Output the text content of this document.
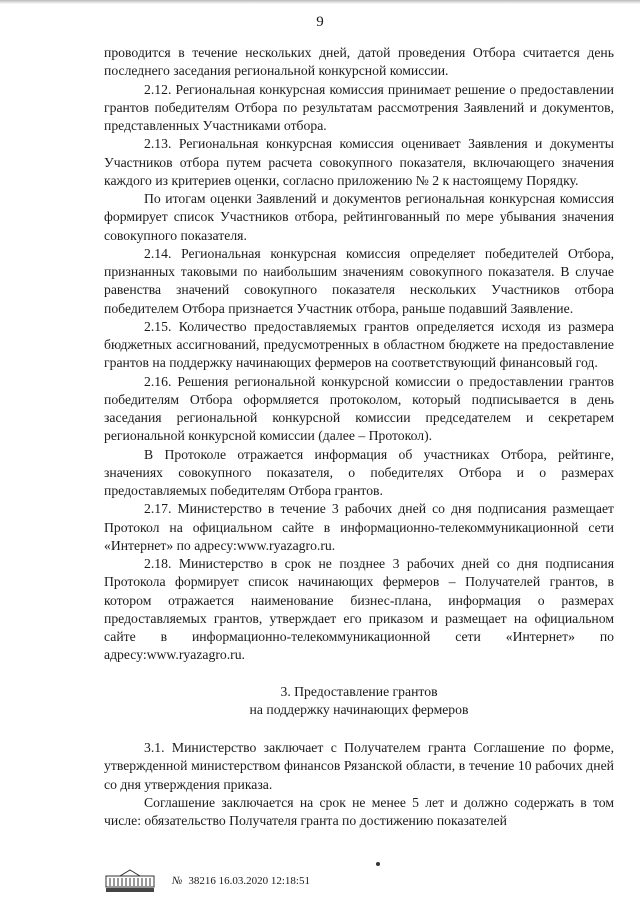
9

проводится в течение нескольких дней, датой проведения Отбора считается день последнего заседания региональной конкурсной комиссии.

2.12. Региональная конкурсная комиссия принимает решение о предоставлении грантов победителям Отбора по результатам рассмотрения Заявлений и документов, представленных Участниками отбора.

2.13. Региональная конкурсная комиссия оценивает Заявления и документы Участников отбора путем расчета совокупного показателя, включающего значения каждого из критериев оценки, согласно приложению № 2 к настоящему Порядку.

По итогам оценки Заявлений и документов региональная конкурсная комиссия формирует список Участников отбора, рейтингованный по мере убывания значения совокупного показателя.

2.14. Региональная конкурсная комиссия определяет победителей Отбора, признанных таковыми по наибольшим значениям совокупного показателя. В случае равенства значений совокупного показателя нескольких Участников отбора победителем Отбора признается Участник отбора, раньше подавший Заявление.

2.15. Количество предоставляемых грантов определяется исходя из размера бюджетных ассигнований, предусмотренных в областном бюджете на предоставление грантов на поддержку начинающих фермеров на соответствующий финансовый год.

2.16. Решения региональной конкурсной комиссии о предоставлении грантов победителям Отбора оформляется протоколом, который подписывается в день заседания региональной конкурсной комиссии председателем и секретарем региональной конкурсной комиссии (далее – Протокол).

В Протоколе отражается информация об участниках Отбора, рейтинге, значениях совокупного показателя, о победителях Отбора и о размерах предоставляемых победителям Отбора грантов.

2.17. Министерство в течение 3 рабочих дней со дня подписания размещает Протокол на официальном сайте в информационно-телекоммуникационной сети «Интернет» по адресу:www.ryazagro.ru.

2.18. Министерство в срок не позднее 3 рабочих дней со дня подписания Протокола формирует список начинающих фермеров – Получателей грантов, в котором отражается наименование бизнес-плана, информация о размерах предоставляемых грантов, утверждает его приказом и размещает на официальном сайте в информационно-телекоммуникационной сети «Интернет» по адресу:www.ryazagro.ru.

3. Предоставление грантов
на поддержку начинающих фермеров

3.1. Министерство заключает с Получателем гранта Соглашение по форме, утвержденной министерством финансов Рязанской области, в течение 10 рабочих дней со дня утверждения приказа.

Соглашение заключается на срок не менее 5 лет и должно содержать в том числе: обязательство Получателя гранта по достижению показателей

№ 38216 16.03.2020 12:18:51
